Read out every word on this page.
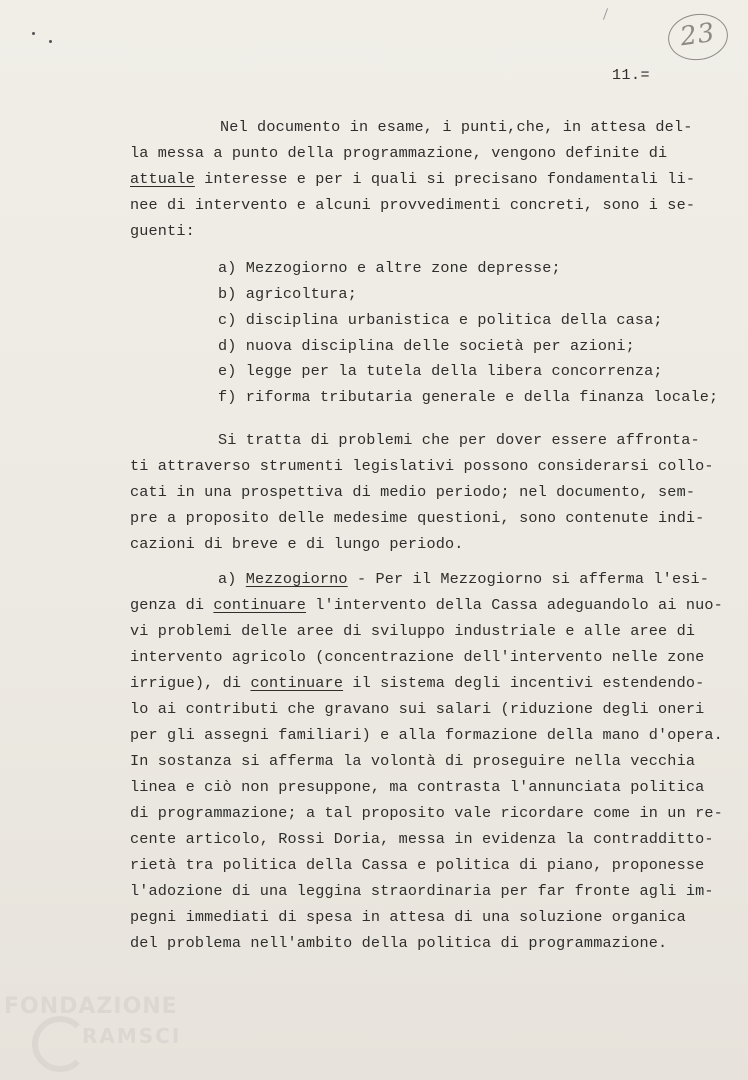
23
11.=
Nel documento in esame, i punti,che, in attesa del-
la messa a punto della programmazione, vengono definite di
attuale interesse e per i quali si precisano fondamentali li-
nee di intervento e alcuni provvedimenti concreti, sono i se-
guenti:
a) Mezzogiorno e altre zone depresse;
b) agricoltura;
c) disciplina urbanistica e politica della casa;
d) nuova disciplina delle società per azioni;
e) legge per la tutela della libera concorrenza;
f) riforma tributaria generale e della finanza locale;
Si tratta di problemi che per dover essere affronta-
ti attraverso strumenti legislativi possono considerarsi collo-
cati in una prospettiva di medio periodo; nel documento, sem-
pre a proposito delle medesime questioni, sono contenute indi-
cazioni di breve e di lungo periodo.
a) Mezzogiorno - Per il Mezzogiorno si afferma l'esi-
genza di continuare l'intervento della Cassa adeguandolo ai nuo-
vi problemi delle aree di sviluppo industriale e alle aree di
intervento agricolo (concentrazione dell'intervento nelle zone
irrigue), di continuare il sistema degli incentivi estendendo-
lo ai contributi che gravano sui salari (riduzione degli oneri
per gli assegni familiari) e alla formazione della mano d'opera.
In sostanza si afferma la volontà di proseguire nella vecchia
linea e ciò non presuppone, ma contrasta l'annunciata politica
di programmazione; a tal proposito vale ricordare come in un re-
cente articolo, Rossi Doria, messa in evidenza la contradditto-
rietà tra politica della Cassa e politica di piano, proponesse
l'adozione di una leggina straordinaria per far fronte agli im-
pegni immediati di spesa in attesa di una soluzione organica
del problema nell'ambito della politica di programmazione.
FONDAZIONE
RAMSCI
